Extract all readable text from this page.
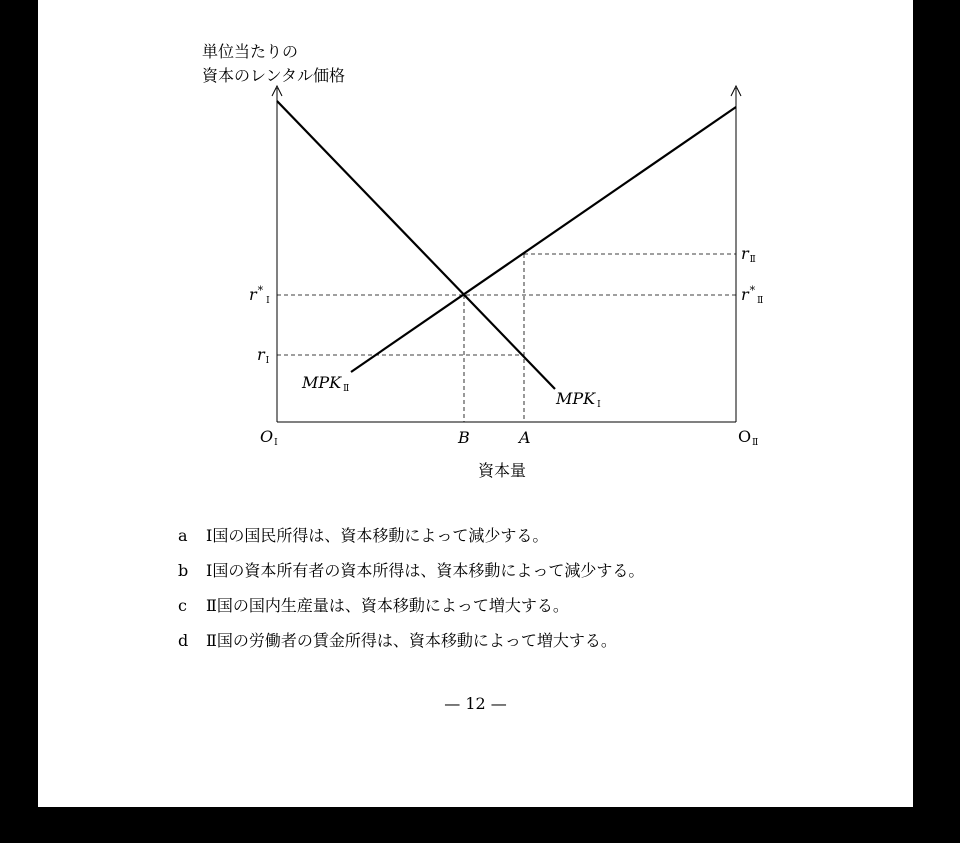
単位当たりの
資本のレンタル価格
MPK Ⅱ	MPK Ⅰ
$r^*_Ⅰ$
rⅠ
rⅡ
$r^*_Ⅱ$
OⅠ	OⅡ
B	A
資本量
a Ⅰ国の国民所得は、資本移動によって減少する。
b Ⅰ国の資本所有者の資本所得は、資本移動によって減少する。
c Ⅱ国の国内生産量は、資本移動によって増大する。
d Ⅱ国の労働者の賃金所得は、資本移動によって増大する。
— 12 —
